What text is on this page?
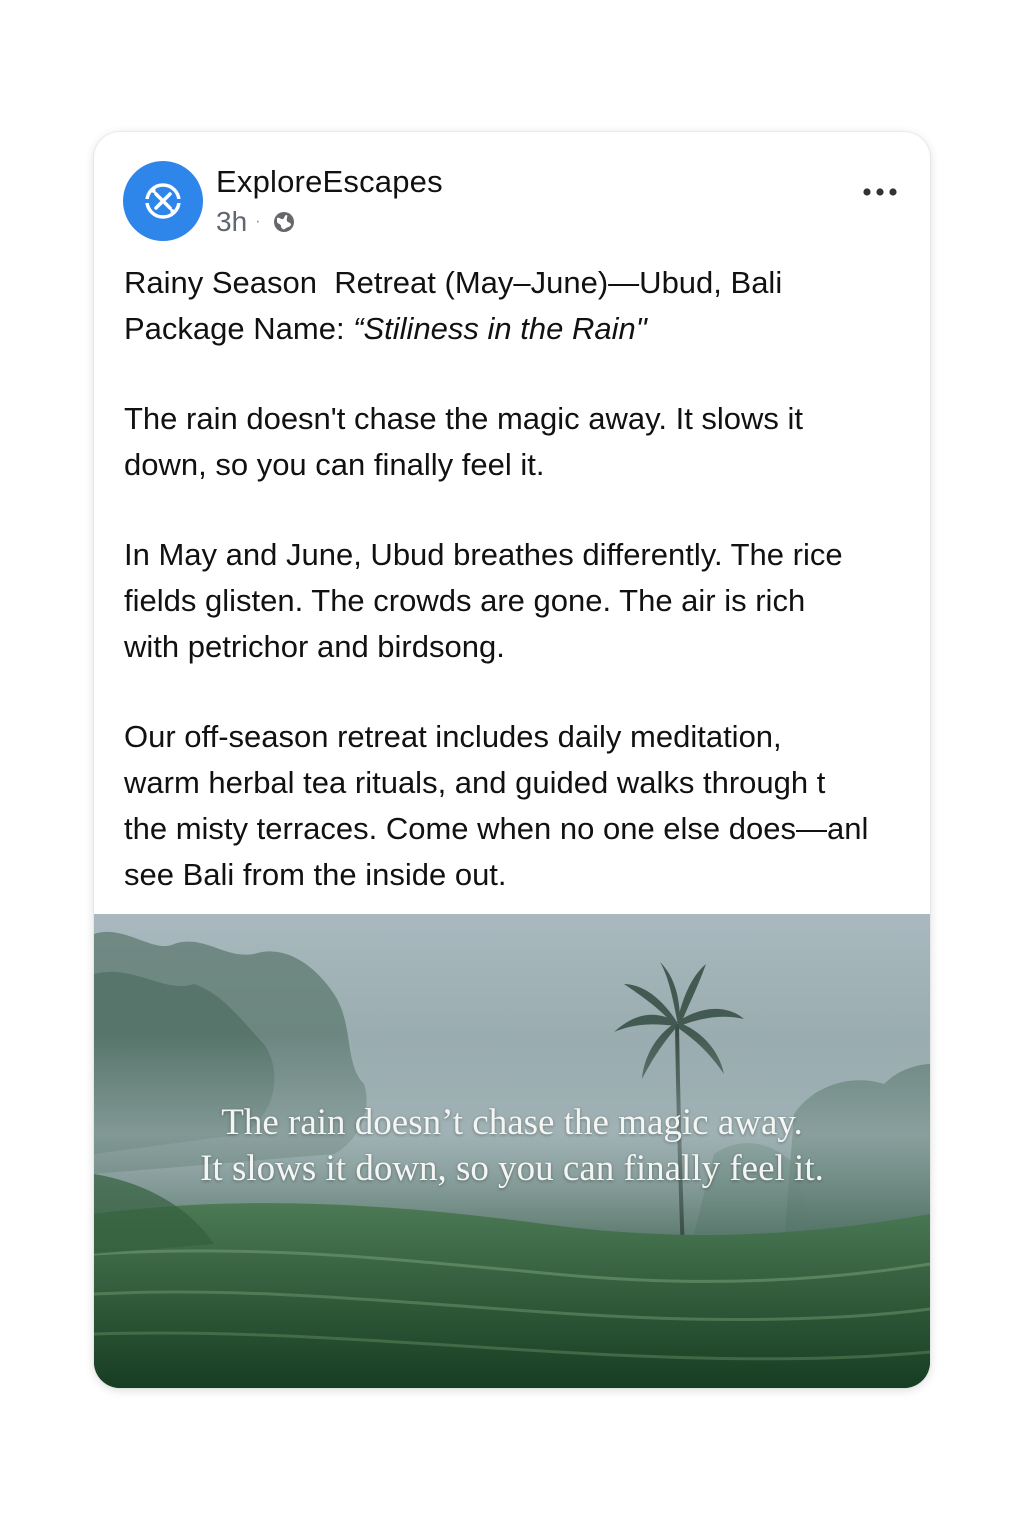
ExploreEscapes
3h ·

Rainy Season  Retreat (May–June)—Ubud, Bali

Package Name: “Stiliness in the Rain"

The rain doesn't chase the magic away. It slows it
down, so you can finally feel it.

In May and June, Ubud breathes differently. The rice
fields glisten. The crowds are gone. The air is rich
with petrichor and birdsong.

Our off-season retreat includes daily meditation,
warm herbal tea rituals, and guided walks through t
the misty terraces. Come when no one else does—anl
see Bali from the inside out.

The rain doesn’t chase the magic away.
It slows it down, so you can finally feel it.
